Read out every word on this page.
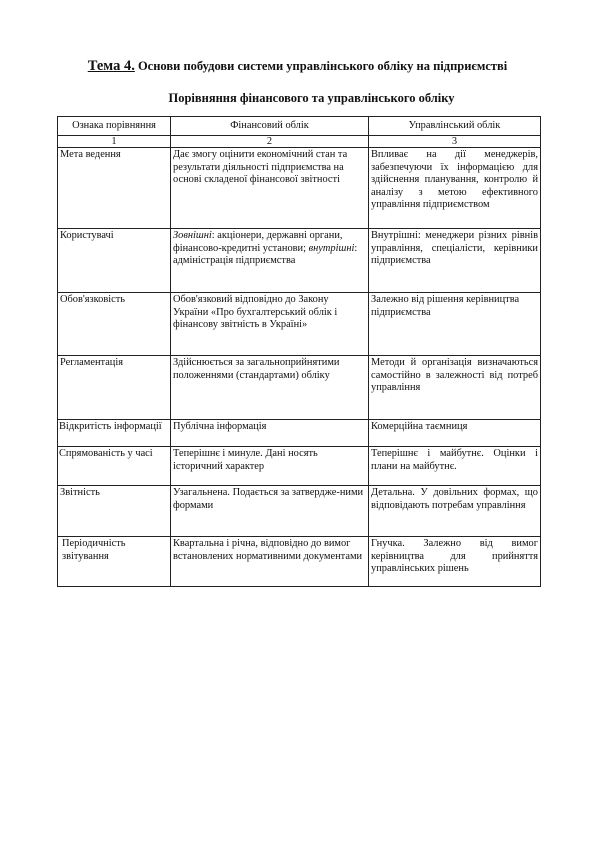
Тема 4. Основи побудови системи управлінського обліку на підприємстві
Порівняння фінансового та управлінського обліку
Ознака порівняння	Фінансовий облік	Управлінський облік
1	2	3
Мета ведення	Дає змогу оцінити економічний стан та результати діяльності підприємства на основі складеної фінансової звітності	Впливає на дії менеджерів, забезпечуючи їх інформацією для здійснення планування, контролю й аналізу з метою ефективного управління підприємством
Користувачі	Зовнішні: акціонери, державні органи, фінансово-кредитні установи; внутрішні: адміністрація підприємства	Внутрішні: менеджери різних рівнів управління, спеціалісти, керівники підприємства
Обов'язковість	Обов'язковий відповідно до Закону України «Про бухгалтерський облік і фінансову звітність в Україні»	Залежно від рішення керівництва підприємства
Регламентація	Здійснюється за загальноприйнятими положеннями (стандартами) обліку	Методи й організація визначаються самостійно в залежності від потреб управління
Відкритість інформації	Публічна інформація	Комерційна таємниця
Спрямованість у часі	Теперішнє і минуле. Дані носять історичний характер	Теперішнє і майбутнє. Оцінки і плани на майбутнє.
Звітність	Узагальнена. Подається за затвердже-ними формами	Детальна. У довільних формах, що відповідають потребам управління
Періодичність звітування	Квартальна і річна, відповідно до вимог встановлених нормативними документами	Гнучка. Залежно від вимог керівництва для прийняття управлінських рішень
